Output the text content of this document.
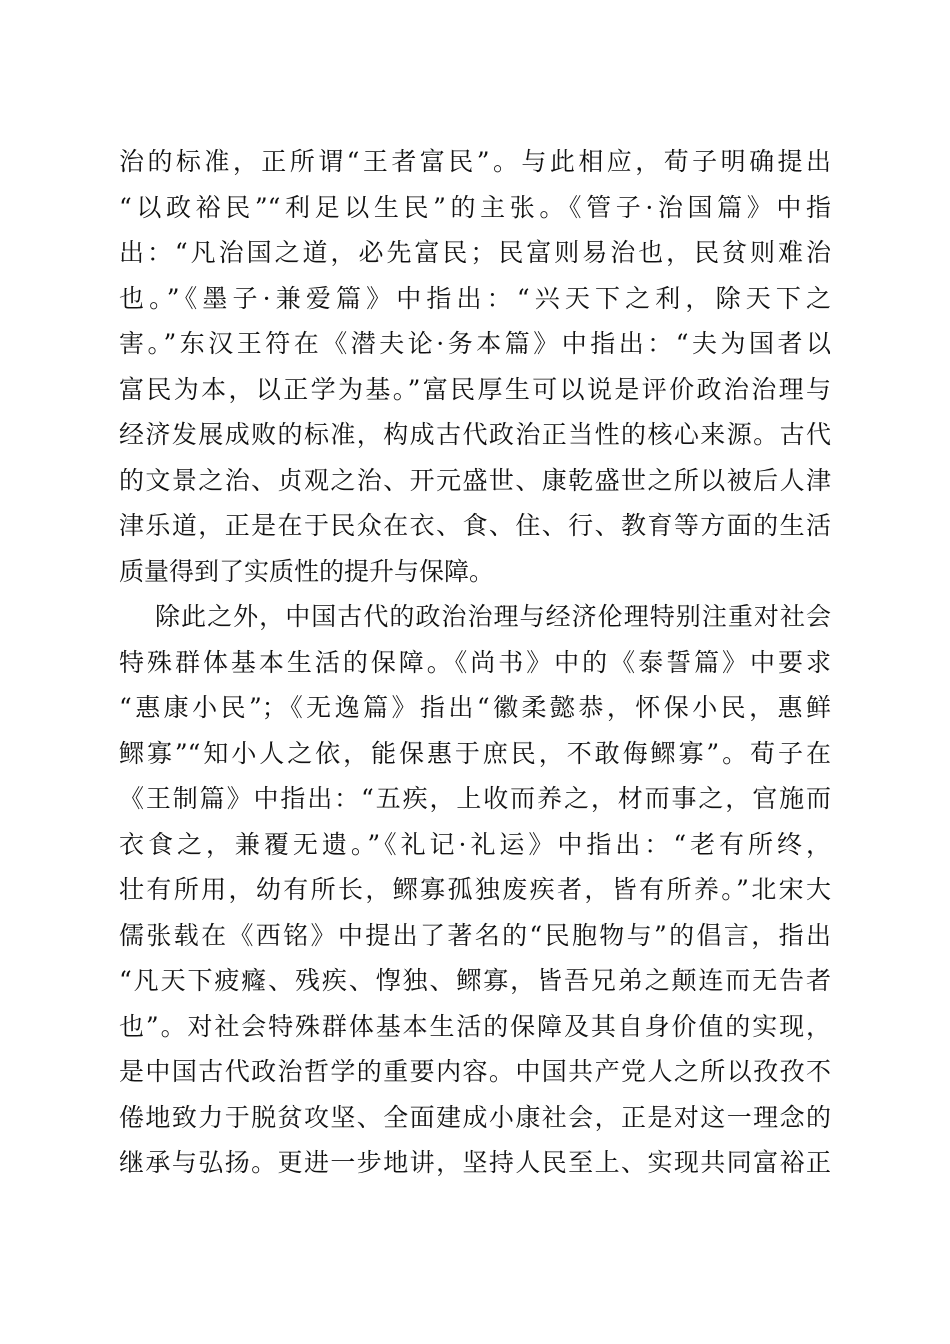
治的标准，正所谓“王者富民”。与此相应，荀子明确提出
“以政裕民”“利足以生民”的主张。《管子·治国篇》中指
出：“凡治国之道，必先富民；民富则易治也，民贫则难治
也。”《墨子·兼爱篇》中指出：“兴天下之利，除天下之
害。”东汉王符在《潜夫论·务本篇》中指出：“夫为国者以
富民为本，以正学为基。”富民厚生可以说是评价政治治理与
经济发展成败的标准，构成古代政治正当性的核心来源。古代
的文景之治、贞观之治、开元盛世、康乾盛世之所以被后人津
津乐道，正是在于民众在衣、食、住、行、教育等方面的生活
质量得到了实质性的提升与保障。
除此之外，中国古代的政治治理与经济伦理特别注重对社会
特殊群体基本生活的保障。《尚书》中的《泰誓篇》中要求
“惠康小民”；《无逸篇》指出“徽柔懿恭，怀保小民，惠鲜
鳏寡”“知小人之依，能保惠于庶民，不敢侮鳏寡”。荀子在
《王制篇》中指出：“五疾，上收而养之，材而事之，官施而
衣食之，兼覆无遗。”《礼记·礼运》中指出：“老有所终，
壮有所用，幼有所长，鳏寡孤独废疾者，皆有所养。”北宋大
儒张载在《西铭》中提出了著名的“民胞物与”的倡言，指出
“凡天下疲癃、残疾、惸独、鳏寡，皆吾兄弟之颠连而无告者
也”。对社会特殊群体基本生活的保障及其自身价值的实现，
是中国古代政治哲学的重要内容。中国共产党人之所以孜孜不
倦地致力于脱贫攻坚、全面建成小康社会，正是对这一理念的
继承与弘扬。更进一步地讲，坚持人民至上、实现共同富裕正
